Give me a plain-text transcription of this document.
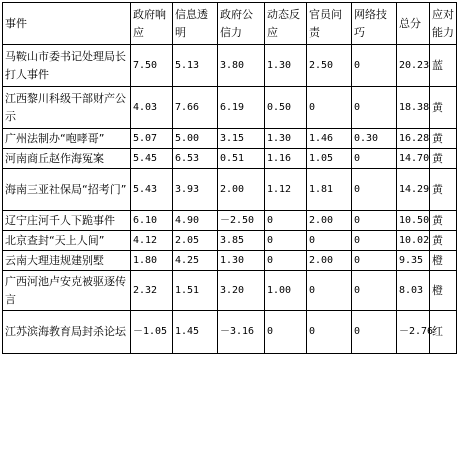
事件	政府响应	信息透明	政府公信力	动态反应	官员问责	网络技巧	总分	应对能力
马鞍山市委书记处理局长打人事件	7.50	5.13	3.80	1.30	2.50	0	20.23	蓝
江西黎川科级干部财产公示	4.03	7.66	6.19	0.50	0	0	18.38	黄
广州法制办“咆哮哥”	5.07	5.00	3.15	1.30	1.46	0.30	16.28	黄
河南商丘赵作海冤案	5.45	6.53	0.51	1.16	1.05	0	14.70	黄
海南三亚社保局“招考门”	5.43	3.93	2.00	1.12	1.81	0	14.29	黄
辽宁庄河千人下跪事件	6.10	4.90	－2.50	0	2.00	0	10.50	黄
北京查封“天上人间”	4.12	2.05	3.85	0	0	0	10.02	黄
云南大理违规建别墅	1.80	4.25	1.30	0	2.00	0	9.35	橙
广西河池卢安克被驱逐传言	2.32	1.51	3.20	1.00	0	0	8.03	橙
江苏滨海教育局封杀论坛	－1.05	1.45	－3.16	0	0	0	－2.76	红
